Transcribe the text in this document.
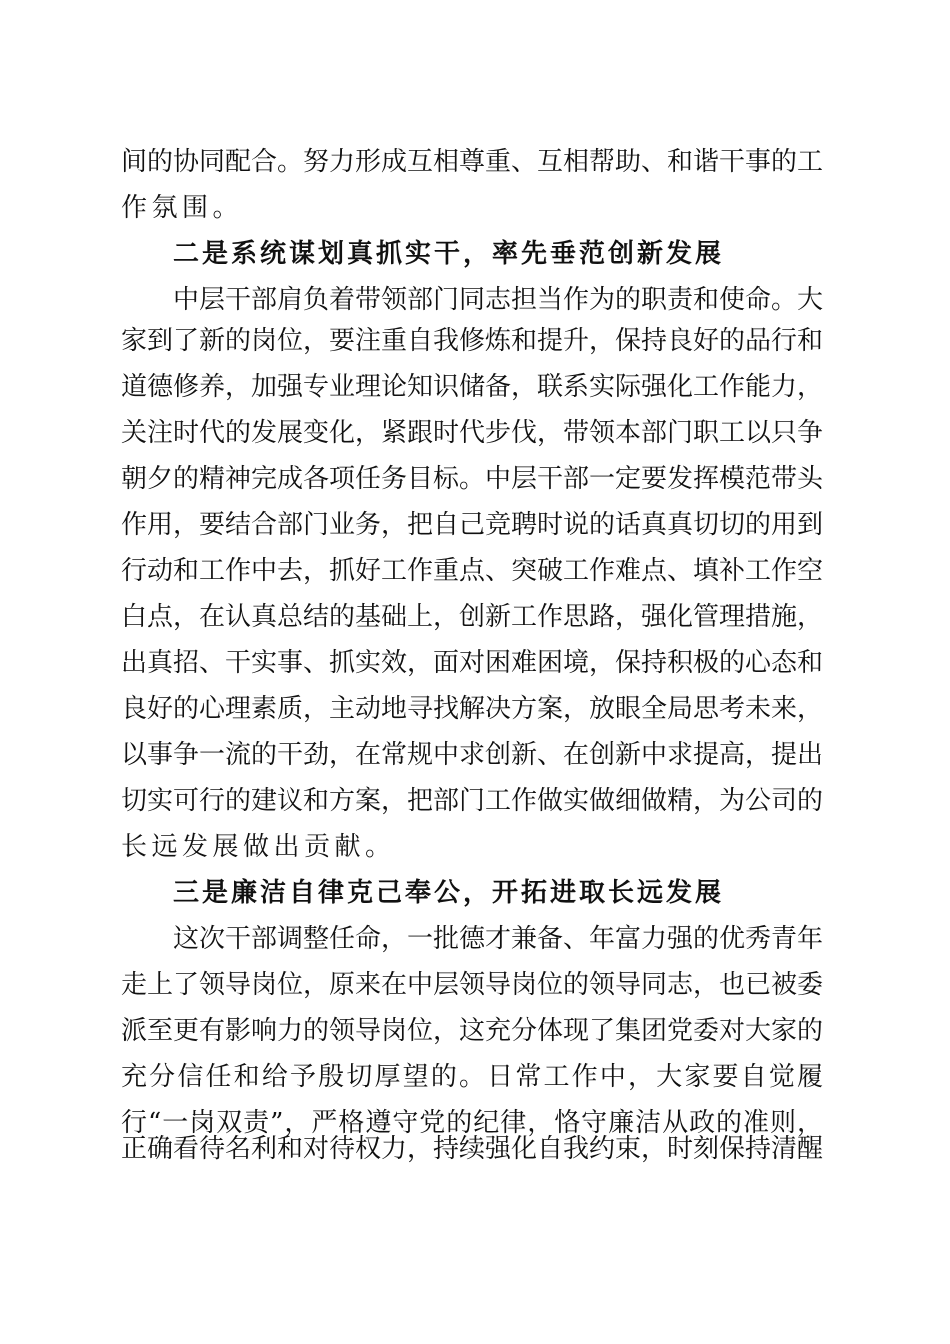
间的协同配合。努力形成互相尊重、互相帮助、和谐干事的工
作氛围。
二是系统谋划真抓实干，率先垂范创新发展
中层干部肩负着带领部门同志担当作为的职责和使命。大
家到了新的岗位，要注重自我修炼和提升，保持良好的品行和
道德修养，加强专业理论知识储备，联系实际强化工作能力，
关注时代的发展变化，紧跟时代步伐，带领本部门职工以只争
朝夕的精神完成各项任务目标。中层干部一定要发挥模范带头
作用，要结合部门业务，把自己竞聘时说的话真真切切的用到
行动和工作中去，抓好工作重点、突破工作难点、填补工作空
白点，在认真总结的基础上，创新工作思路，强化管理措施，
出真招、干实事、抓实效，面对困难困境，保持积极的心态和
良好的心理素质，主动地寻找解决方案，放眼全局思考未来，
以事争一流的干劲，在常规中求创新、在创新中求提高，提出
切实可行的建议和方案，把部门工作做实做细做精，为公司的
长远发展做出贡献。
三是廉洁自律克己奉公，开拓进取长远发展
这次干部调整任命，一批德才兼备、年富力强的优秀青年
走上了领导岗位，原来在中层领导岗位的领导同志，也已被委
派至更有影响力的领导岗位，这充分体现了集团党委对大家的
充分信任和给予殷切厚望的。日常工作中，大家要自觉履
行“一岗双责”，严格遵守党的纪律，恪守廉洁从政的准则，
正确看待名利和对待权力，持续强化自我约束，时刻保持清醒
